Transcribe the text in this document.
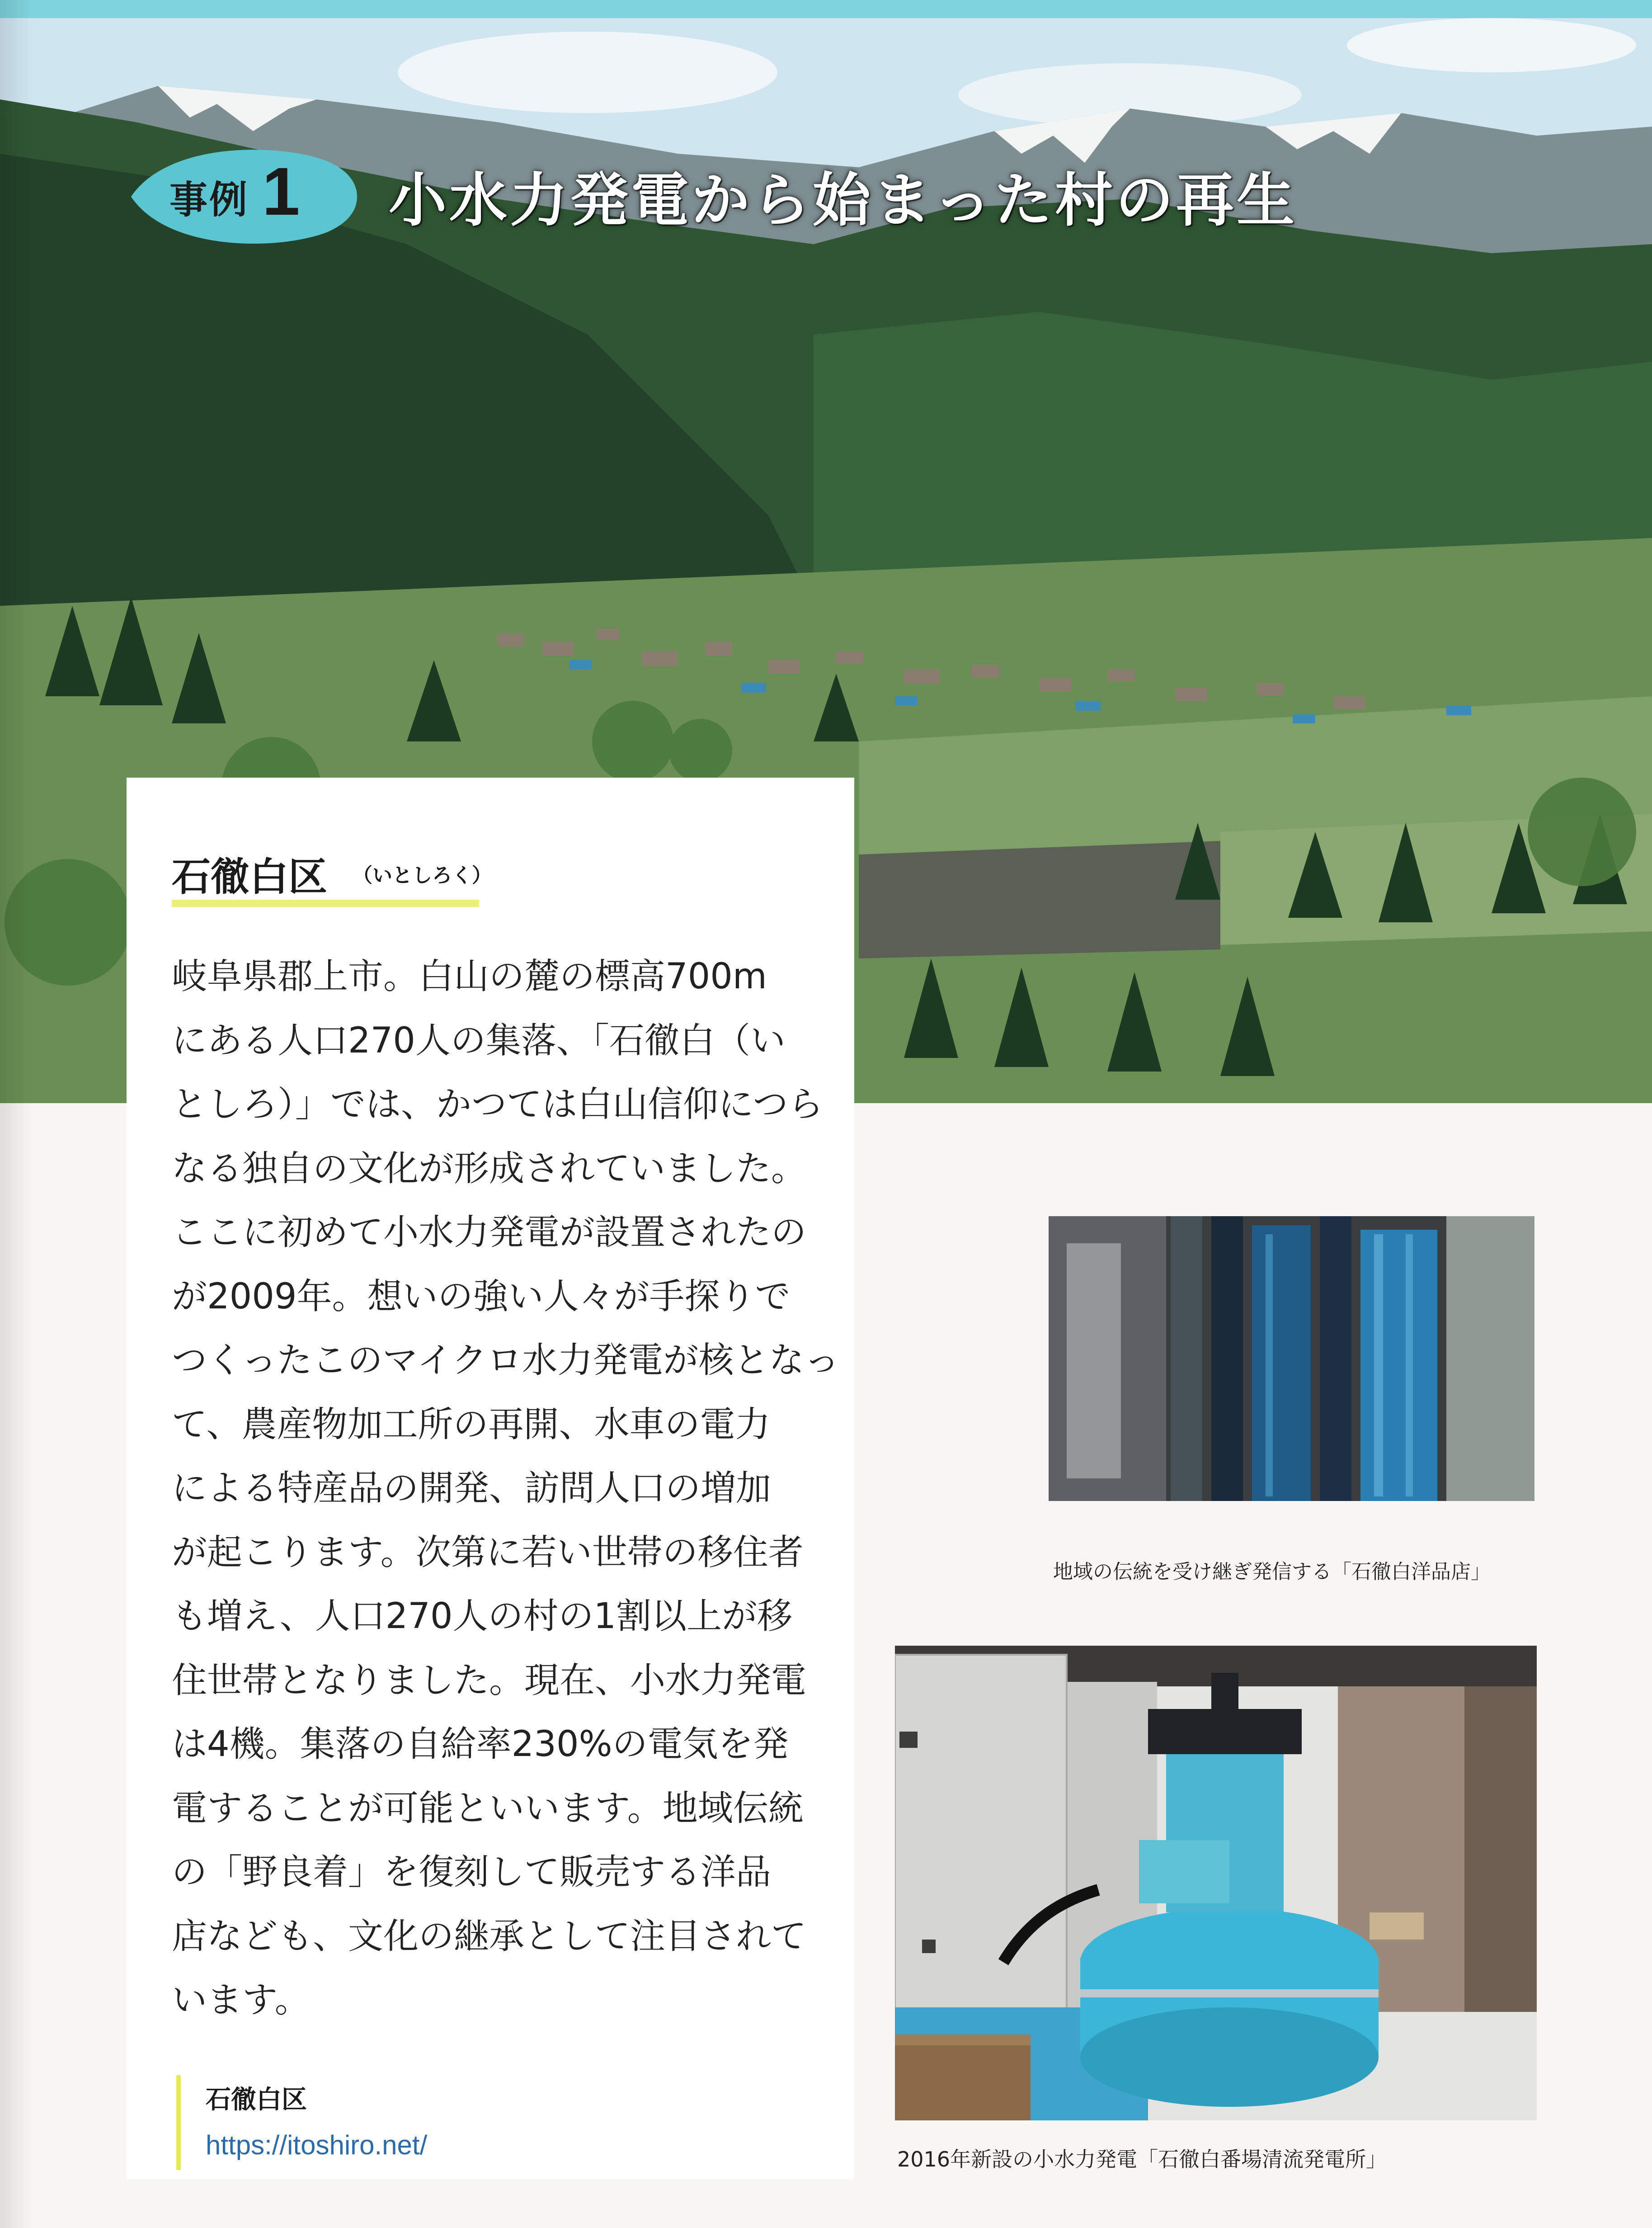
事例 1 小水力発電から始まった村の再生
石徹白区 （いとしろく）
岐阜県郡上市。白山の麓の標高700m
にある人口270人の集落、「石徹白（い
としろ）」では、かつては白山信仰につら
なる独自の文化が形成されていました。
ここに初めて小水力発電が設置されたの
が2009年。想いの強い人々が手探りで
つくったこのマイクロ水力発電が核となっ
て、農産物加工所の再開、水車の電力
による特産品の開発、訪問人口の増加
が起こります。次第に若い世帯の移住者
も増え、人口270人の村の1割以上が移
住世帯となりました。現在、小水力発電
は4機。集落の自給率230%の電気を発
電することが可能といいます。地域伝統
の「野良着」を復刻して販売する洋品
店なども、文化の継承として注目されて
います。
石徹白区
https://itoshiro.net/
地域の伝統を受け継ぎ発信する「石徹白洋品店」
2016年新設の小水力発電「石徹白番場清流発電所」
